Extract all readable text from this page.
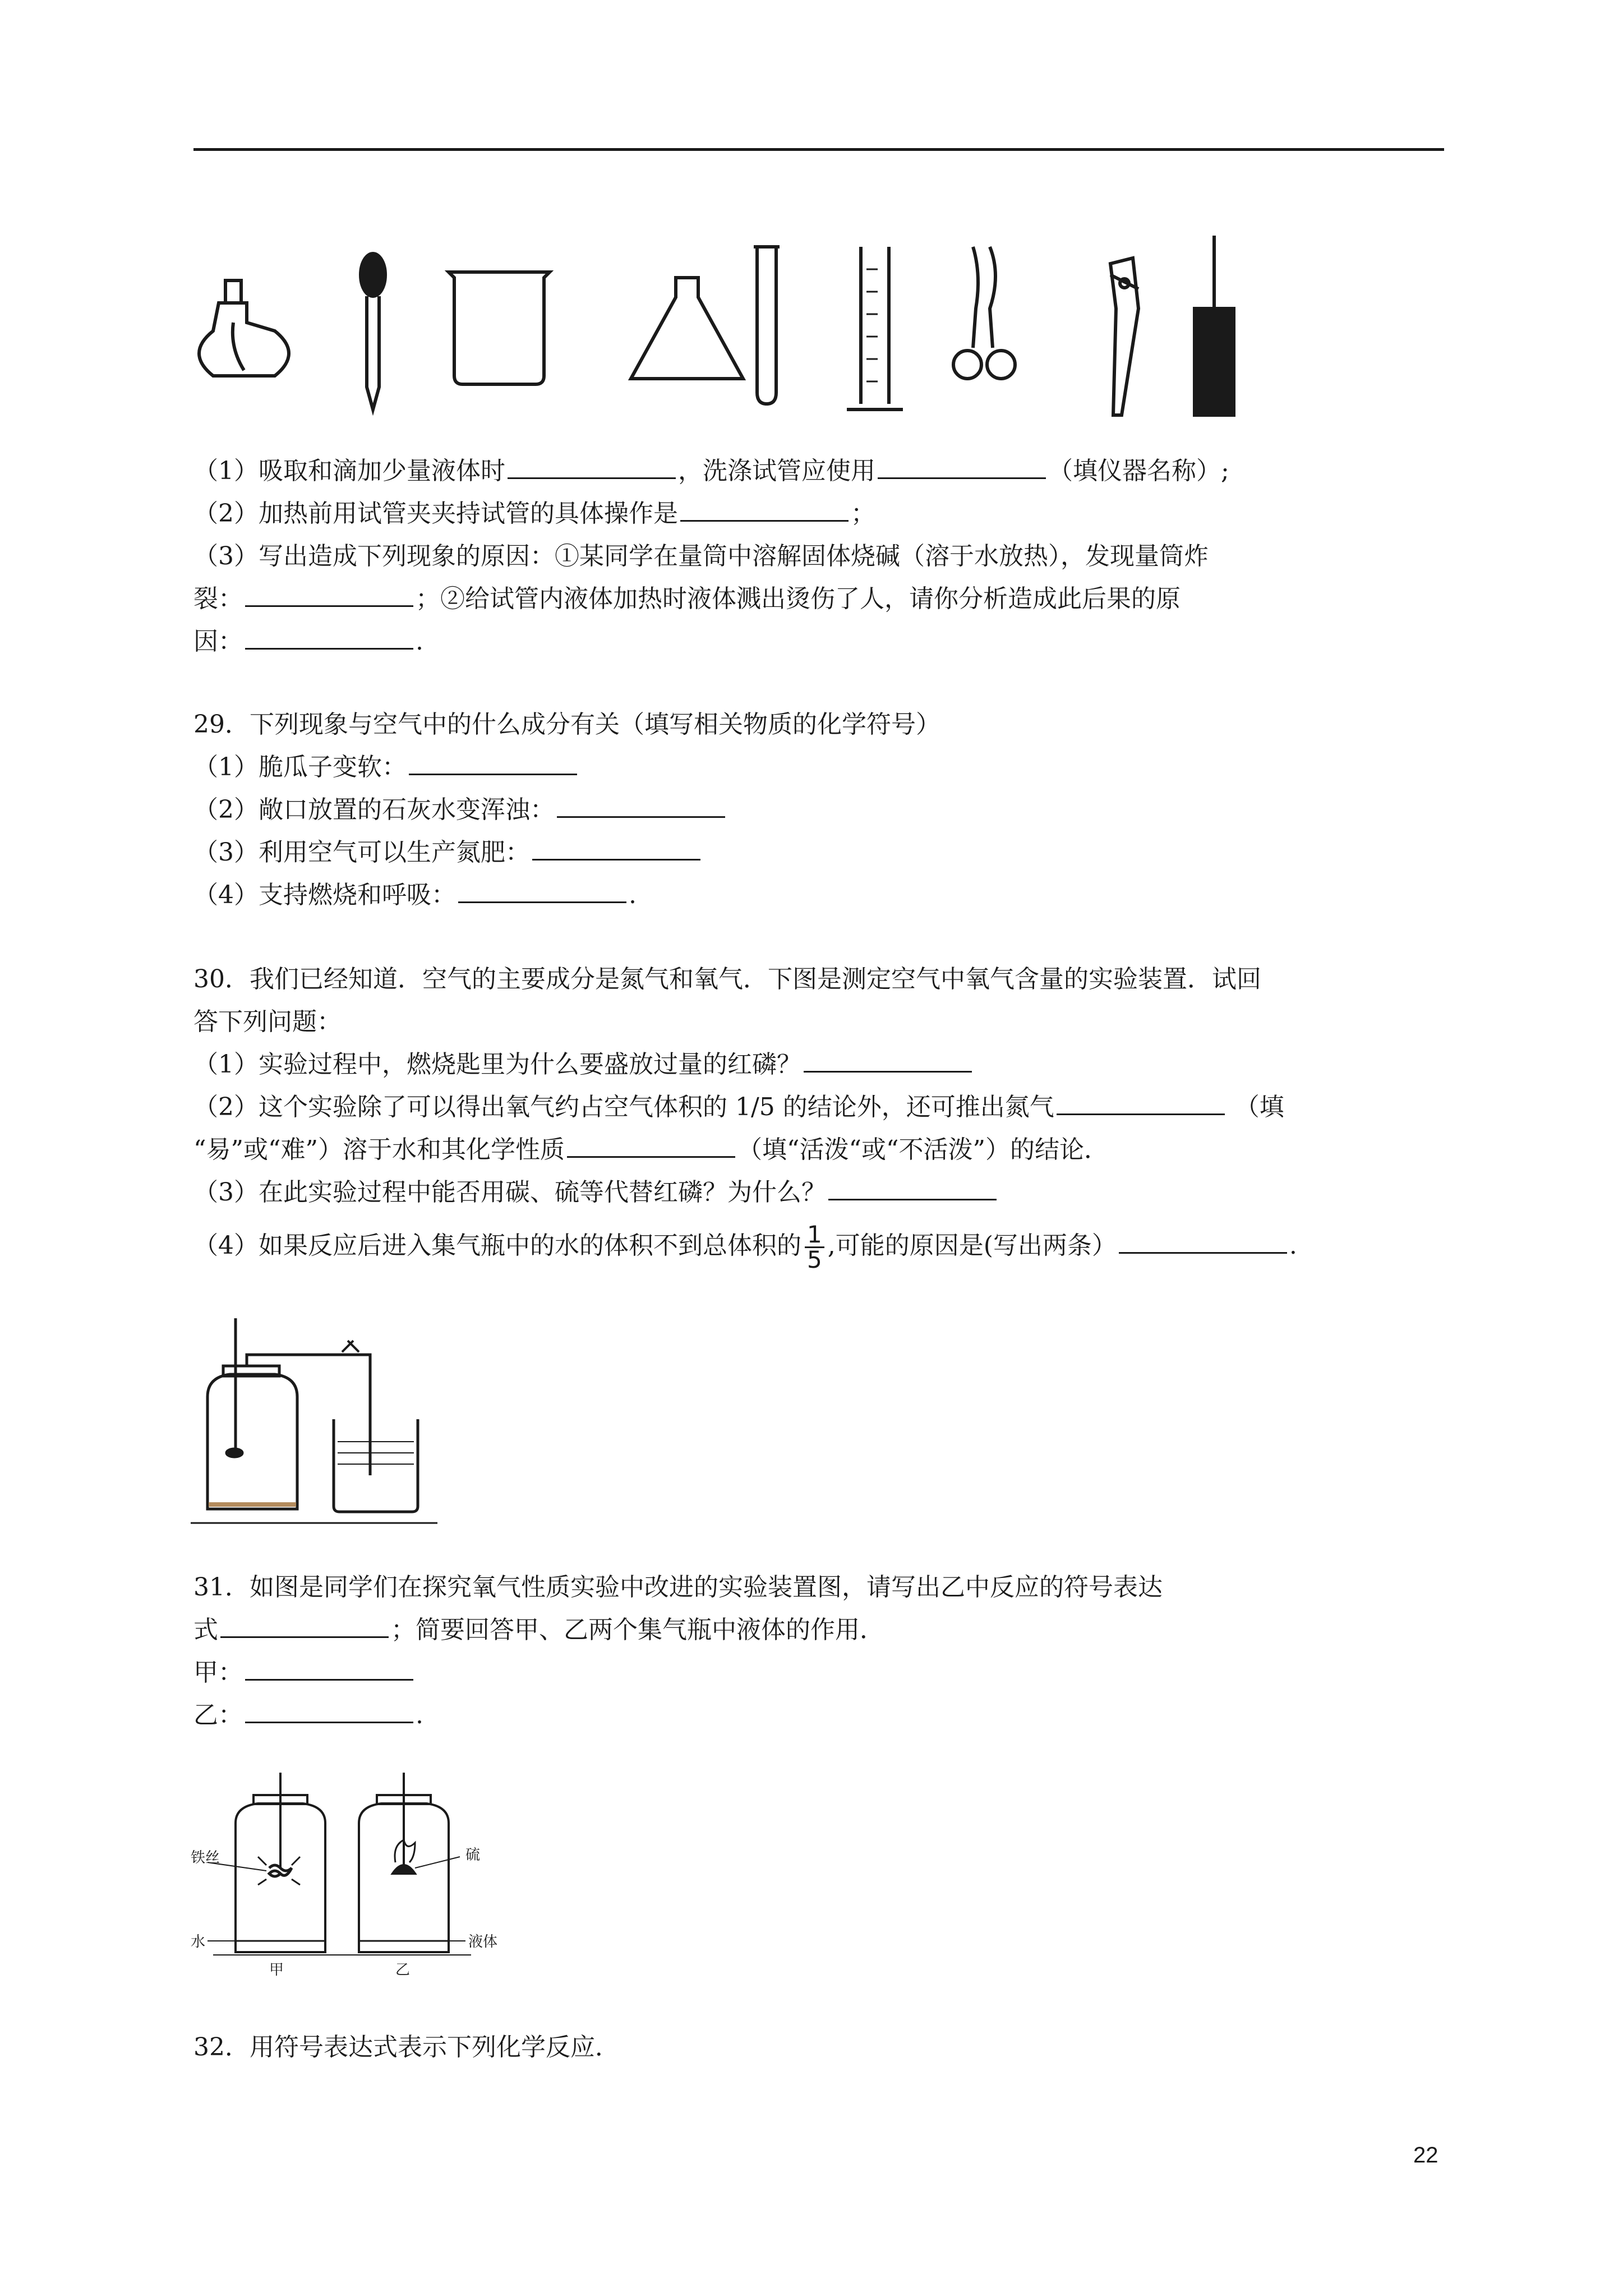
（1）吸取和滴加少量液体时	，洗涤试管应使用	（填仪器名称）;
（2）加热前用试管夹夹持试管的具体操作是	；
（3）写出造成下列现象的原因：①某同学在量筒中溶解固体烧碱（溶于水放热），发现量筒炸
裂：	；②给试管内液体加热时液体溅出烫伤了人，请你分析造成此后果的原
因：	.
29．下列现象与空气中的什么成分有关（填写相关物质的化学符号）
（1）脆瓜子变软：
（2）敞口放置的石灰水变浑浊：
（3）利用空气可以生产氮肥：
（4）支持燃烧和呼吸：	.
30．我们已经知道．空气的主要成分是氮气和氧气．下图是测定空气中氧气含量的实验装置．试回
答下列问题：
（1）实验过程中，燃烧匙里为什么要盛放过量的红磷？
（2）这个实验除了可以得出氧气约占空气体积的 1/5 的结论外，还可推出氮气	（填
“易”或“难”）溶于水和其化学性质	（填“活泼“或“不活泼”）的结论．
（3）在此实验过程中能否用碳、硫等代替红磷？为什么？
（4）如果反应后进入集气瓶中的水的体积不到总体积的 $\frac{1}{5}$ ,可能的原因是(写出两条）	.
31．如图是同学们在探究氧气性质实验中改进的实验装置图，请写出乙中反应的符号表达
式	；简要回答甲、乙两个集气瓶中液体的作用．
甲：
乙：	.
铁丝
水
甲
硫
液体
乙
32．用符号表达式表示下列化学反应．
22
